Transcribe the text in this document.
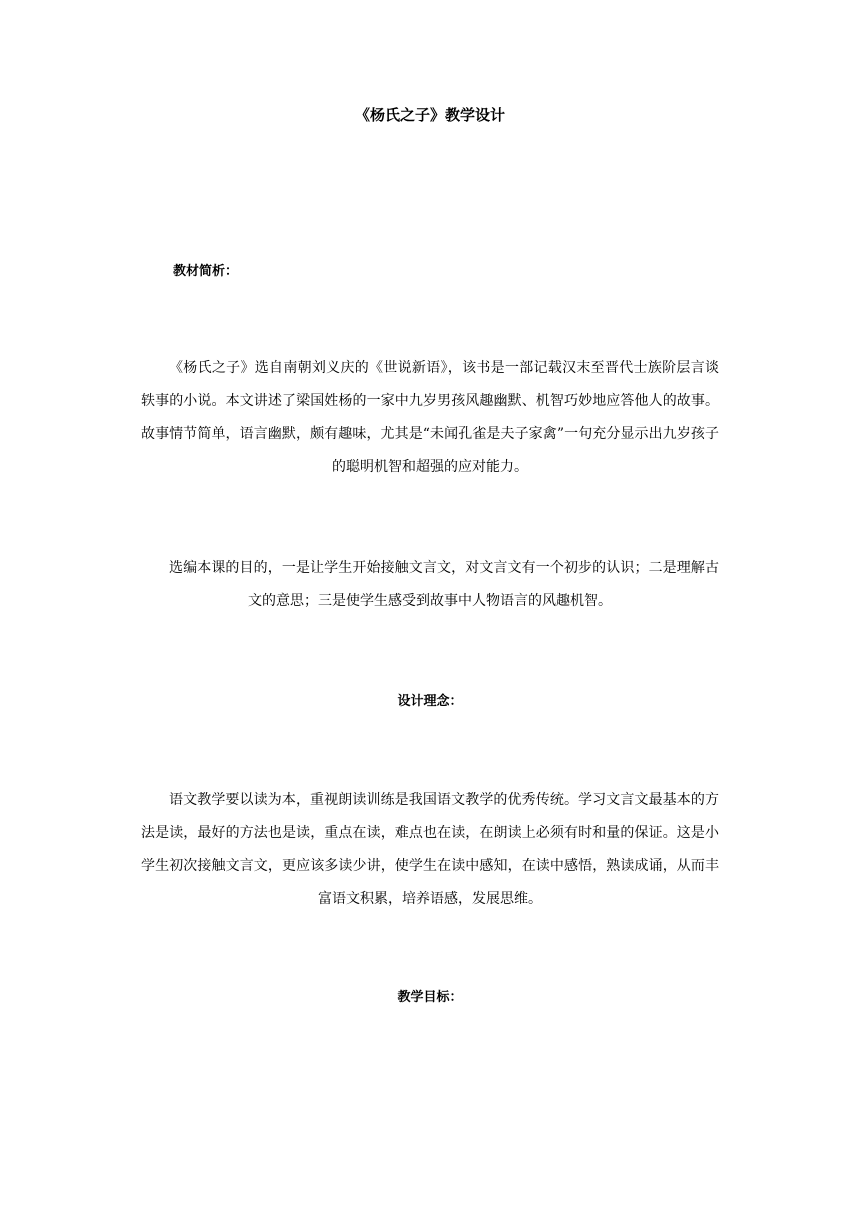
《杨氏之子》教学设计
教材简析：
《杨氏之子》选自南朝刘义庆的《世说新语》，该书是一部记载汉末至晋代士族阶层言谈轶事的小说。本文讲述了梁国姓杨的一家中九岁男孩风趣幽默、机智巧妙地应答他人的故事。故事情节简单，语言幽默，颇有趣味，尤其是“未闻孔雀是夫子家禽”一句充分显示出九岁孩子的聪明机智和超强的应对能力。
选编本课的目的，一是让学生开始接触文言文，对文言文有一个初步的认识；二是理解古文的意思；三是使学生感受到故事中人物语言的风趣机智。
设计理念：
语文教学要以读为本，重视朗读训练是我国语文教学的优秀传统。学习文言文最基本的方法是读，最好的方法也是读，重点在读，难点也在读，在朗读上必须有时和量的保证。这是小学生初次接触文言文，更应该多读少讲，使学生在读中感知，在读中感悟，熟读成诵，从而丰富语文积累，培养语感，发展思维。
教学目标：
